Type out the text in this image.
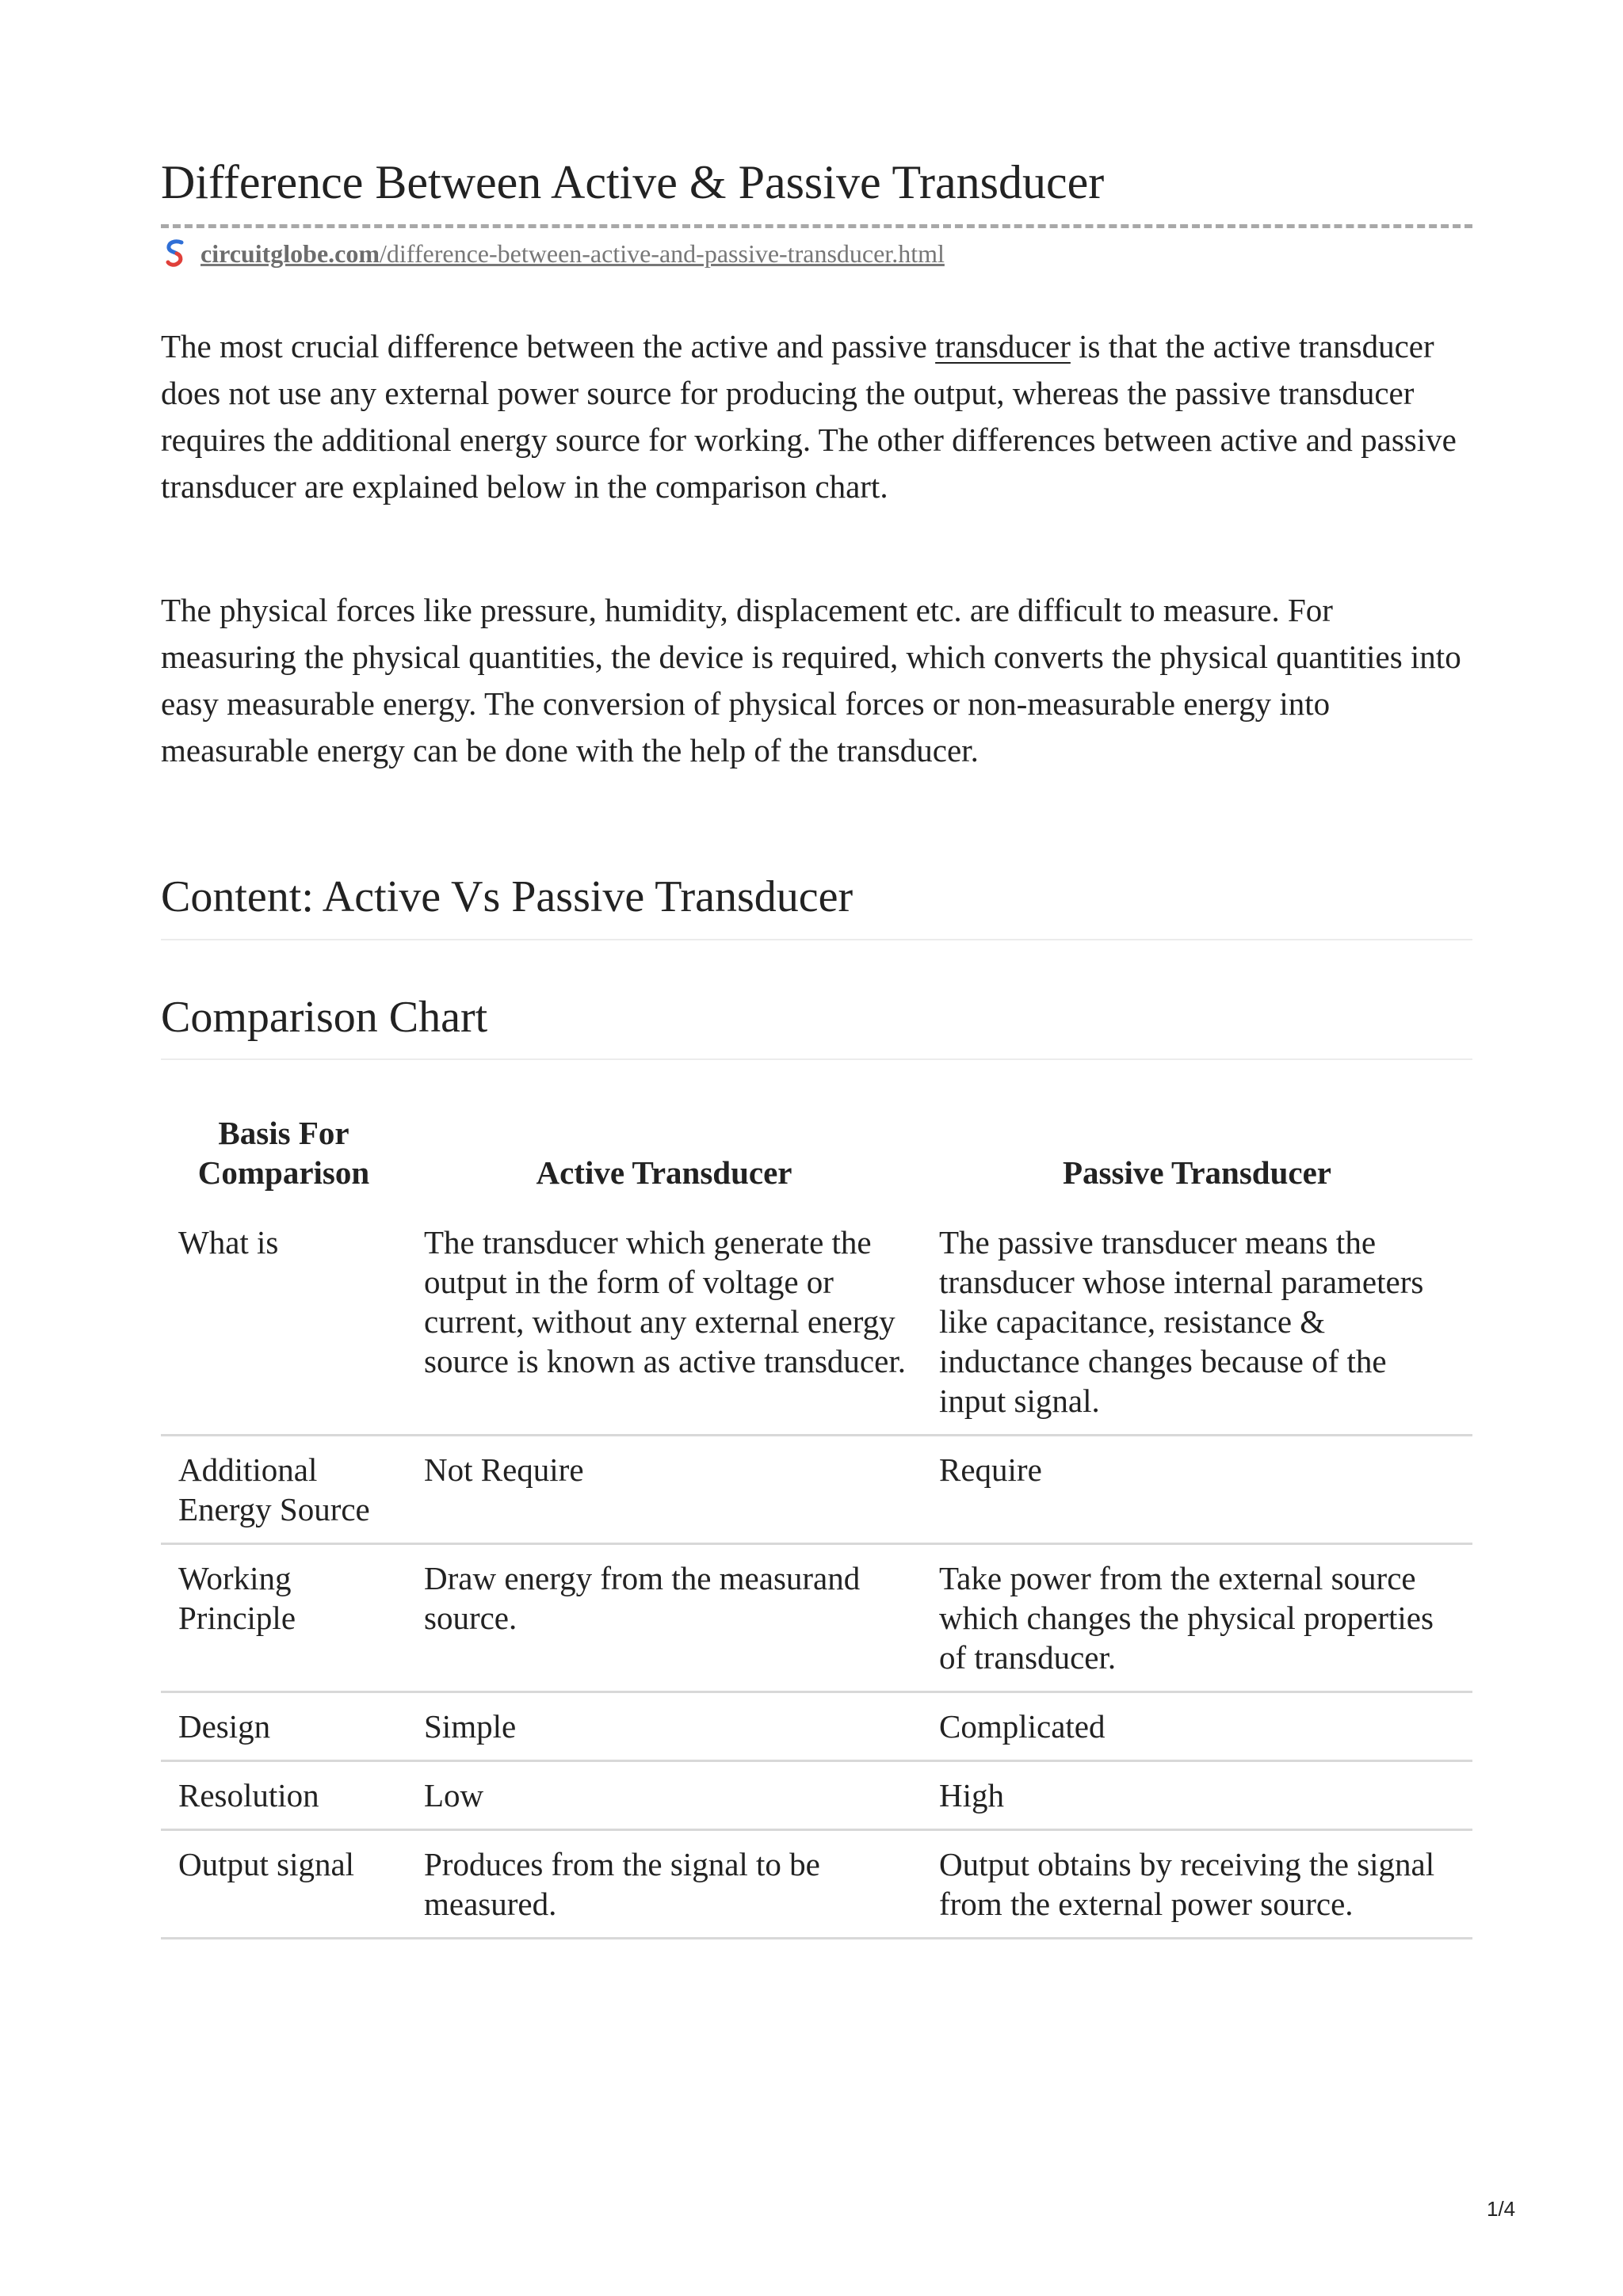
Difference Between Active & Passive Transducer
circuitglobe.com/difference-between-active-and-passive-transducer.html

The most crucial difference between the active and passive transducer is that the active transducer does not use any external power source for producing the output, whereas the passive transducer requires the additional energy source for working. The other differences between active and passive transducer are explained below in the comparison chart.

The physical forces like pressure, humidity, displacement etc. are difficult to measure. For measuring the physical quantities, the device is required, which converts the physical quantities into easy measurable energy. The conversion of physical forces or non-measurable energy into measurable energy can be done with the help of the transducer.

Content: Active Vs Passive Transducer
Comparison Chart
Basis For Comparison	Active Transducer	Passive Transducer
What is	The transducer which generate the output in the form of voltage or current, without any external energy source is known as active transducer.	The passive transducer means the transducer whose internal parameters like capacitance, resistance & inductance changes because of the input signal.
Additional Energy Source	Not Require	Require
Working Principle	Draw energy from the measurand source.	Take power from the external source which changes the physical properties of transducer.
Design	Simple	Complicated
Resolution	Low	High
Output signal	Produces from the signal to be measured.	Output obtains by receiving the signal from the external power source.
1/4
